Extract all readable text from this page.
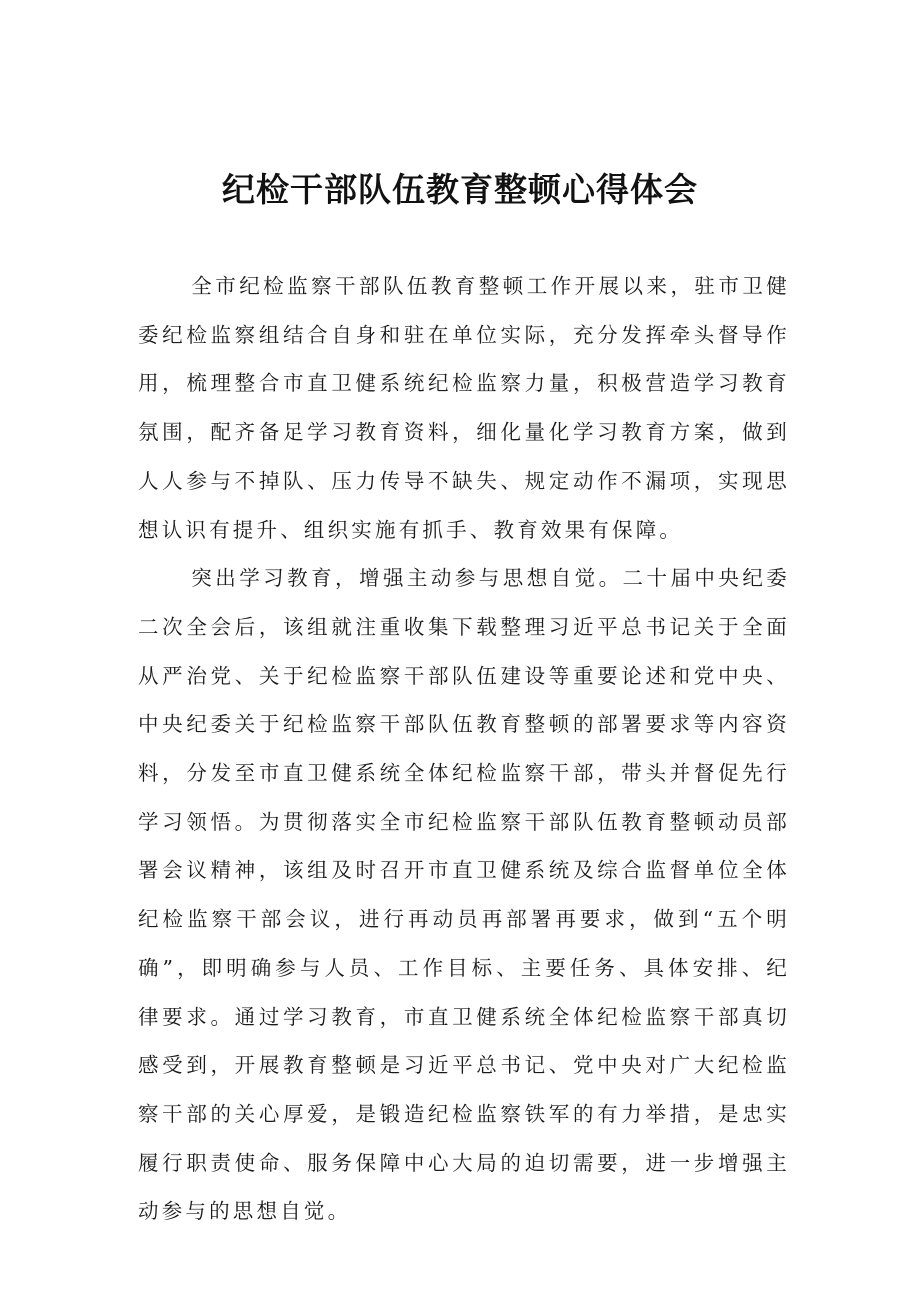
纪检干部队伍教育整顿心得体会

全市纪检监察干部队伍教育整顿工作开展以来，驻市卫健委纪检监察组结合自身和驻在单位实际，充分发挥牵头督导作用，梳理整合市直卫健系统纪检监察力量，积极营造学习教育氛围，配齐备足学习教育资料，细化量化学习教育方案，做到人人参与不掉队、压力传导不缺失、规定动作不漏项，实现思想认识有提升、组织实施有抓手、教育效果有保障。

突出学习教育，增强主动参与思想自觉。二十届中央纪委二次全会后，该组就注重收集下载整理习近平总书记关于全面从严治党、关于纪检监察干部队伍建设等重要论述和党中央、中央纪委关于纪检监察干部队伍教育整顿的部署要求等内容资料，分发至市直卫健系统全体纪检监察干部，带头并督促先行学习领悟。为贯彻落实全市纪检监察干部队伍教育整顿动员部署会议精神，该组及时召开市直卫健系统及综合监督单位全体纪检监察干部会议，进行再动员再部署再要求，做到“五个明确”，即明确参与人员、工作目标、主要任务、具体安排、纪律要求。通过学习教育，市直卫健系统全体纪检监察干部真切感受到，开展教育整顿是习近平总书记、党中央对广大纪检监察干部的关心厚爱，是锻造纪检监察铁军的有力举措，是忠实履行职责使命、服务保障中心大局的迫切需要，进一步增强主动参与的思想自觉。
